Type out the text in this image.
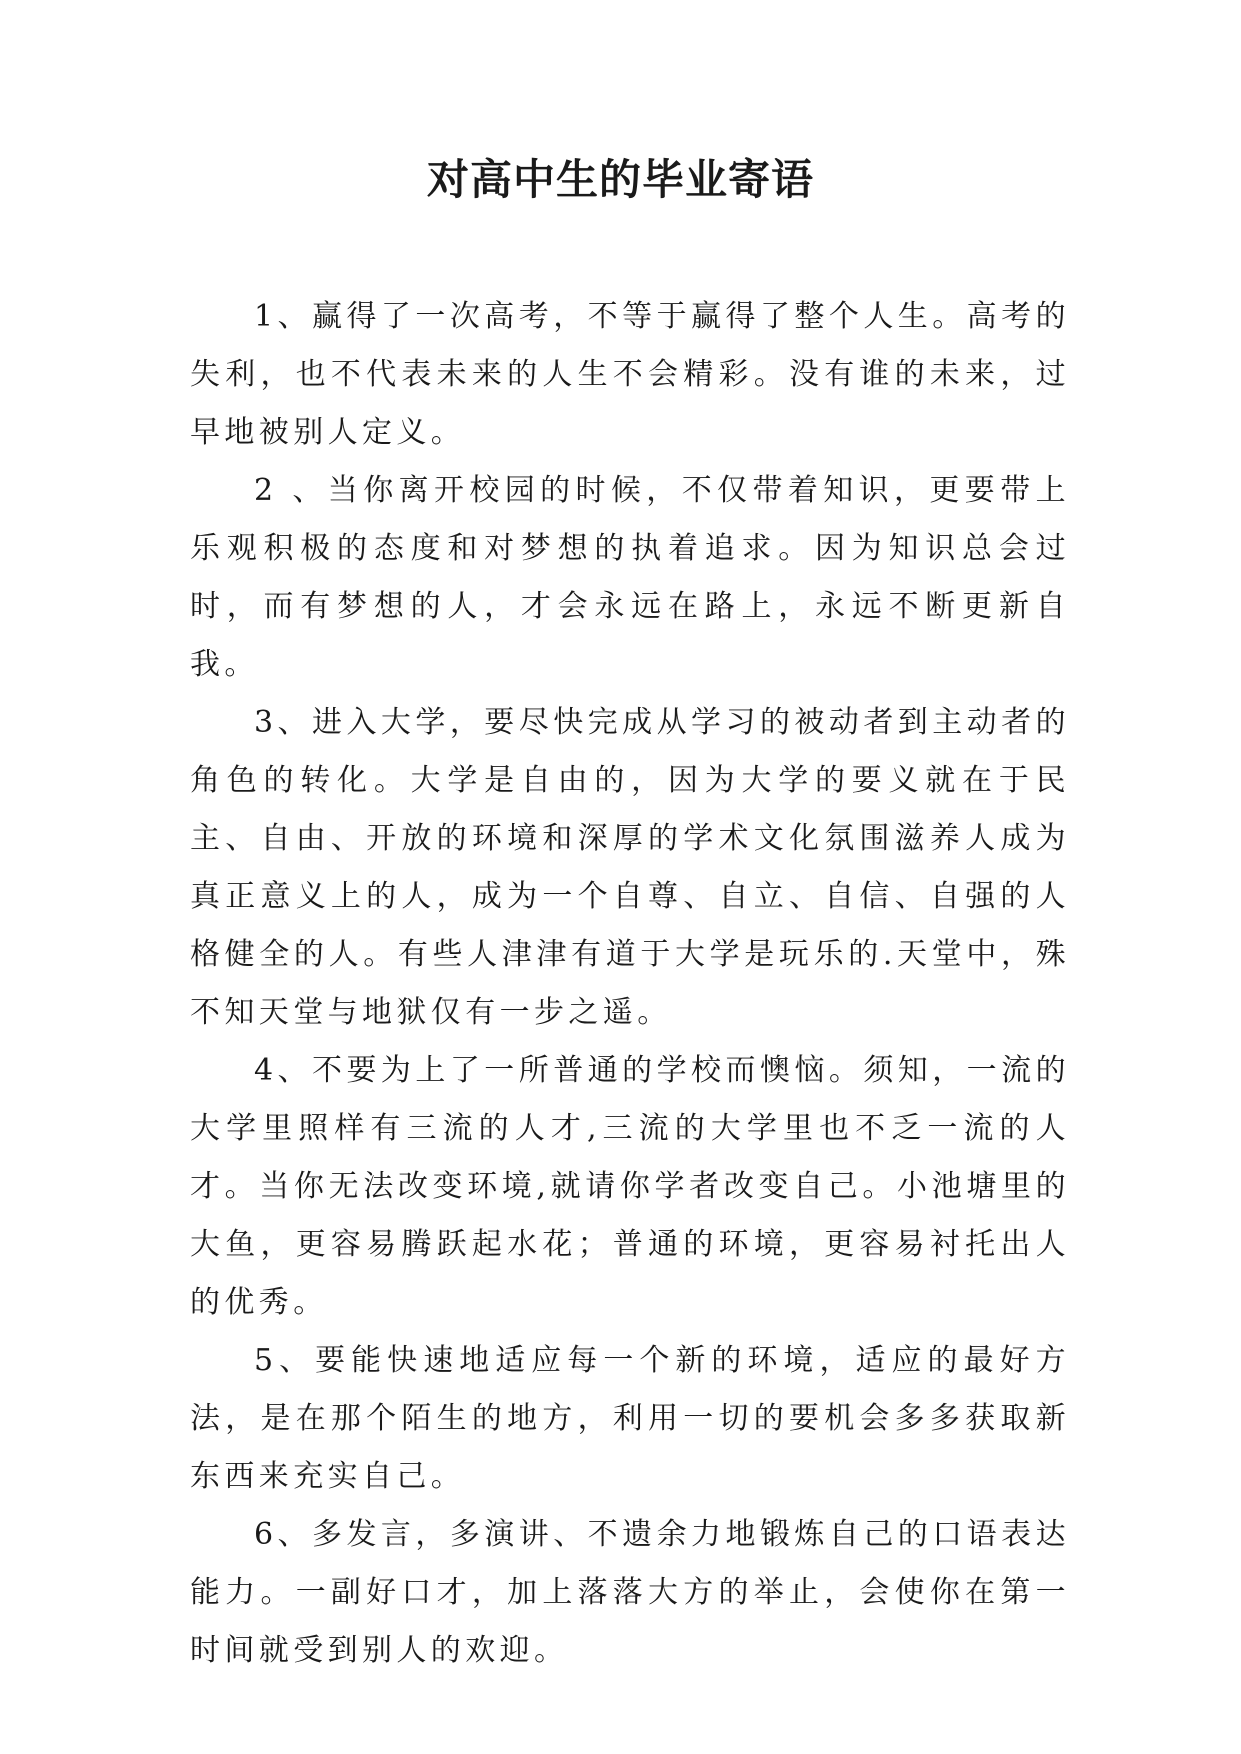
对高中生的毕业寄语

1、赢得了一次高考，不等于赢得了整个人生。高考的失利，也不代表未来的人生不会精彩。没有谁的未来，过早地被别人定义。

2 、当你离开校园的时候，不仅带着知识，更要带上乐观积极的态度和对梦想的执着追求。因为知识总会过时，而有梦想的人，才会永远在路上，永远不断更新自我。

3、进入大学，要尽快完成从学习的被动者到主动者的角色的转化。大学是自由的，因为大学的要义就在于民主、自由、开放的环境和深厚的学术文化氛围滋养人成为真正意义上的人，成为一个自尊、自立、自信、自强的人格健全的人。有些人津津有道于大学是玩乐的.天堂中，殊不知天堂与地狱仅有一步之遥。

4、不要为上了一所普通的学校而懊恼。须知，一流的大学里照样有三流的人才,三流的大学里也不乏一流的人才。当你无法改变环境,就请你学者改变自己。小池塘里的大鱼，更容易腾跃起水花；普通的环境，更容易衬托出人的优秀。

5、要能快速地适应每一个新的环境，适应的最好方法，是在那个陌生的地方，利用一切的要机会多多获取新东西来充实自己。

6、多发言，多演讲、不遗余力地锻炼自己的口语表达能力。一副好口才，加上落落大方的举止，会使你在第一时间就受到别人的欢迎。
